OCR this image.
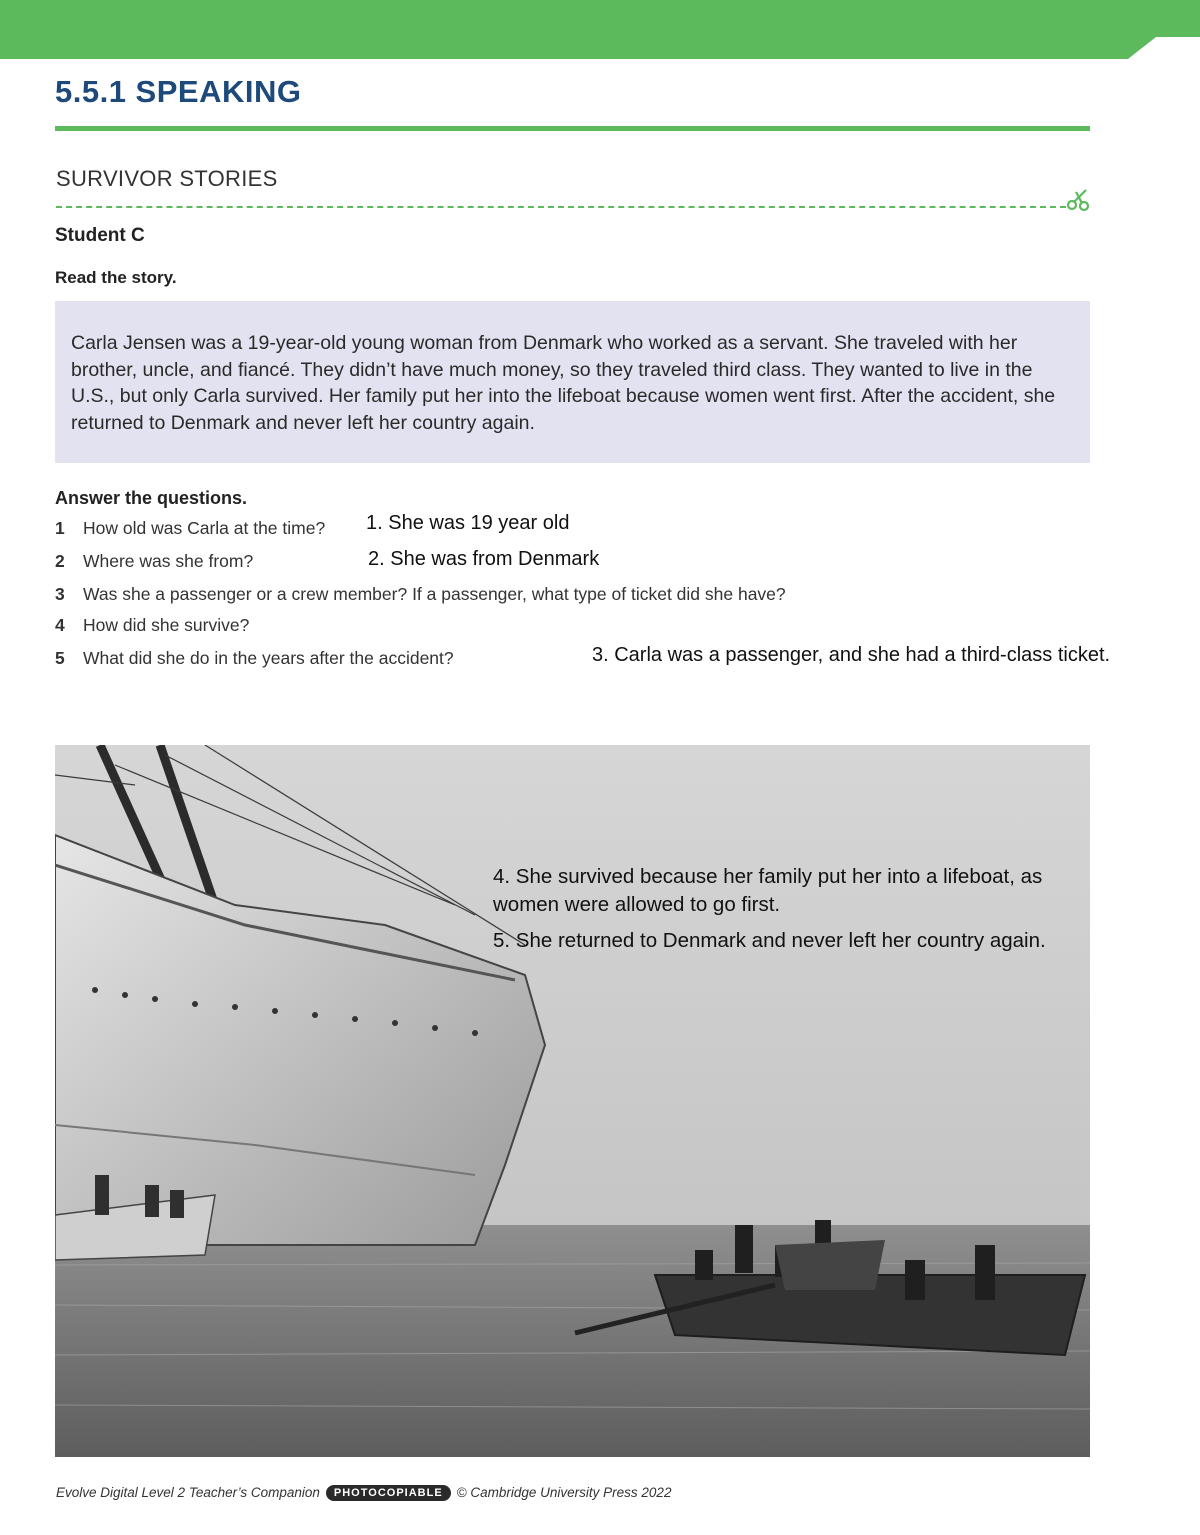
5.5.1 SPEAKING
SURVIVOR STORIES
Student C
Read the story.
Carla Jensen was a 19-year-old young woman from Denmark who worked as a servant. She traveled with her brother, uncle, and fiancé. They didn’t have much money, so they traveled third class. They wanted to live in the U.S., but only Carla survived. Her family put her into the lifeboat because women went first. After the accident, she returned to Denmark and never left her country again.
Answer the questions.
1 How old was Carla at the time?
2 Where was she from?
3 Was she a passenger or a crew member? If a passenger, what type of ticket did she have?
4 How did she survive?
5 What did she do in the years after the accident?
1. She was 19 year old
2. She was from Denmark
3. Carla was a passenger, and she had a third-class ticket.
4. She survived because her family put her into a lifeboat, as
women were allowed to go first.
5. She returned to Denmark and never left her country again.
Evolve Digital Level 2 Teacher’s Companion PHOTOCOPIABLE © Cambridge University Press 2022
